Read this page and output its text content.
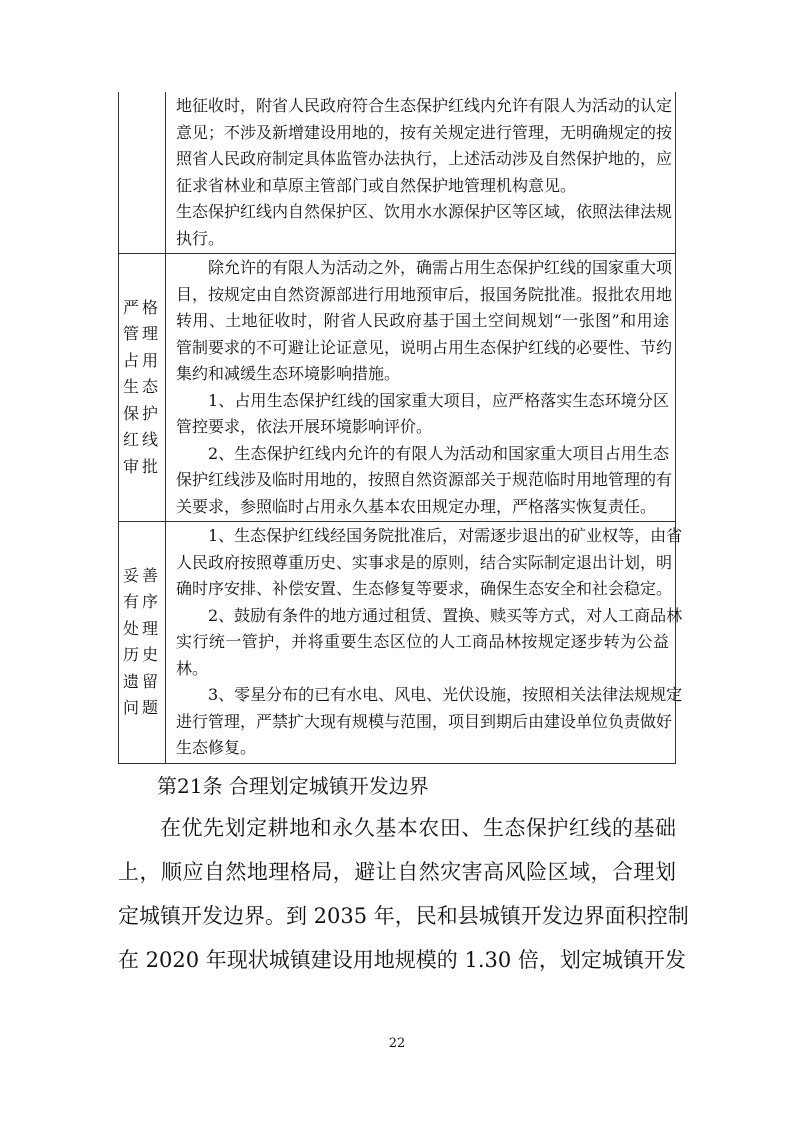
地征收时，附省人民政府符合生态保护红线内允许有限人为活动的认定
意见；不涉及新增建设用地的，按有关规定进行管理，无明确规定的按
照省人民政府制定具体监管办法执行，上述活动涉及自然保护地的，应
征求省林业和草原主管部门或自然保护地管理机构意见。
生态保护红线内自然保护区、饮用水水源保护区等区域，依照法律法规
执行。
严格
管理
占用
生态
保护
红线
审批
除允许的有限人为活动之外，确需占用生态保护红线的国家重大项
目，按规定由自然资源部进行用地预审后，报国务院批准。报批农用地
转用、土地征收时，附省人民政府基于国土空间规划“一张图”和用途
管制要求的不可避让论证意见，说明占用生态保护红线的必要性、节约
集约和减缓生态环境影响措施。
1、占用生态保护红线的国家重大项目，应严格落实生态环境分区
管控要求，依法开展环境影响评价。
2、生态保护红线内允许的有限人为活动和国家重大项目占用生态
保护红线涉及临时用地的，按照自然资源部关于规范临时用地管理的有
关要求，参照临时占用永久基本农田规定办理，严格落实恢复责任。
妥善
有序
处理
历史
遗留
问题
1、生态保护红线经国务院批准后，对需逐步退出的矿业权等，由省
人民政府按照尊重历史、实事求是的原则，结合实际制定退出计划，明
确时序安排、补偿安置、生态修复等要求，确保生态安全和社会稳定。
2、鼓励有条件的地方通过租赁、置换、赎买等方式，对人工商品林
实行统一管护，并将重要生态区位的人工商品林按规定逐步转为公益
林。
3、零星分布的已有水电、风电、光伏设施，按照相关法律法规规定
进行管理，严禁扩大现有规模与范围，项目到期后由建设单位负责做好
生态修复。
第21条 合理划定城镇开发边界
在优先划定耕地和永久基本农田、生态保护红线的基础
上，顺应自然地理格局，避让自然灾害高风险区域，合理划
定城镇开发边界。到 2035 年，民和县城镇开发边界面积控制
在 2020 年现状城镇建设用地规模的 1.30 倍，划定城镇开发
22
